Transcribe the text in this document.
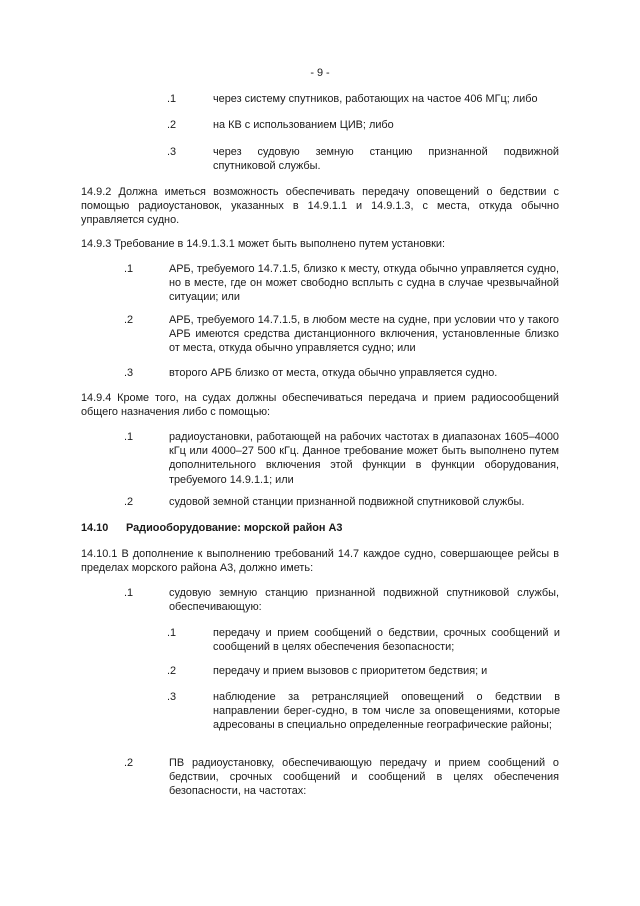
- 9 -
.1	через систему спутников, работающих на частое 406 МГц; либо
.2	на КВ с использованием ЦИВ; либо
.3	через судовую земную станцию признанной подвижной спутниковой службы.
14.9.2 Должна иметься возможность обеспечивать передачу оповещений о бедствии с помощью радиоустановок, указанных в 14.9.1.1 и 14.9.1.3, с места, откуда обычно управляется судно.
14.9.3 Требование в 14.9.1.3.1 может быть выполнено путем установки:
.1	АРБ, требуемого 14.7.1.5, близко к месту, откуда обычно управляется судно, но в месте, где он может свободно всплыть с судна в случае чрезвычайной ситуации; или
.2	АРБ, требуемого 14.7.1.5, в любом месте на судне, при условии что у такого АРБ имеются средства дистанционного включения, установленные близко от места, откуда обычно управляется судно; или
.3	второго АРБ близко от места, откуда обычно управляется судно.
14.9.4 Кроме того, на судах должны обеспечиваться передача и прием радиосообщений общего назначения либо с помощью:
.1	радиоустановки, работающей на рабочих частотах в диапазонах 1605–4000 кГц или 4000–27 500 кГц. Данное требование может быть выполнено путем дополнительного включения этой функции в функции оборудования, требуемого 14.9.1.1; или
.2	судовой земной станции признанной подвижной спутниковой службы.
14.10 Радиооборудование: морской район А3
14.10.1 В дополнение к выполнению требований 14.7 каждое судно, совершающее рейсы в пределах морского района А3, должно иметь:
.1	судовую земную станцию признанной подвижной спутниковой службы, обеспечивающую:
.1	передачу и прием сообщений о бедствии, срочных сообщений и сообщений в целях обеспечения безопасности;
.2	передачу и прием вызовов с приоритетом бедствия; и
.3	наблюдение за ретрансляцией оповещений о бедствии в направлении берег-судно, в том числе за оповещениями, которые адресованы в специально определенные географические районы;
.2	ПВ радиоустановку, обеспечивающую передачу и прием сообщений о бедствии, срочных сообщений и сообщений в целях обеспечения безопасности, на частотах:
